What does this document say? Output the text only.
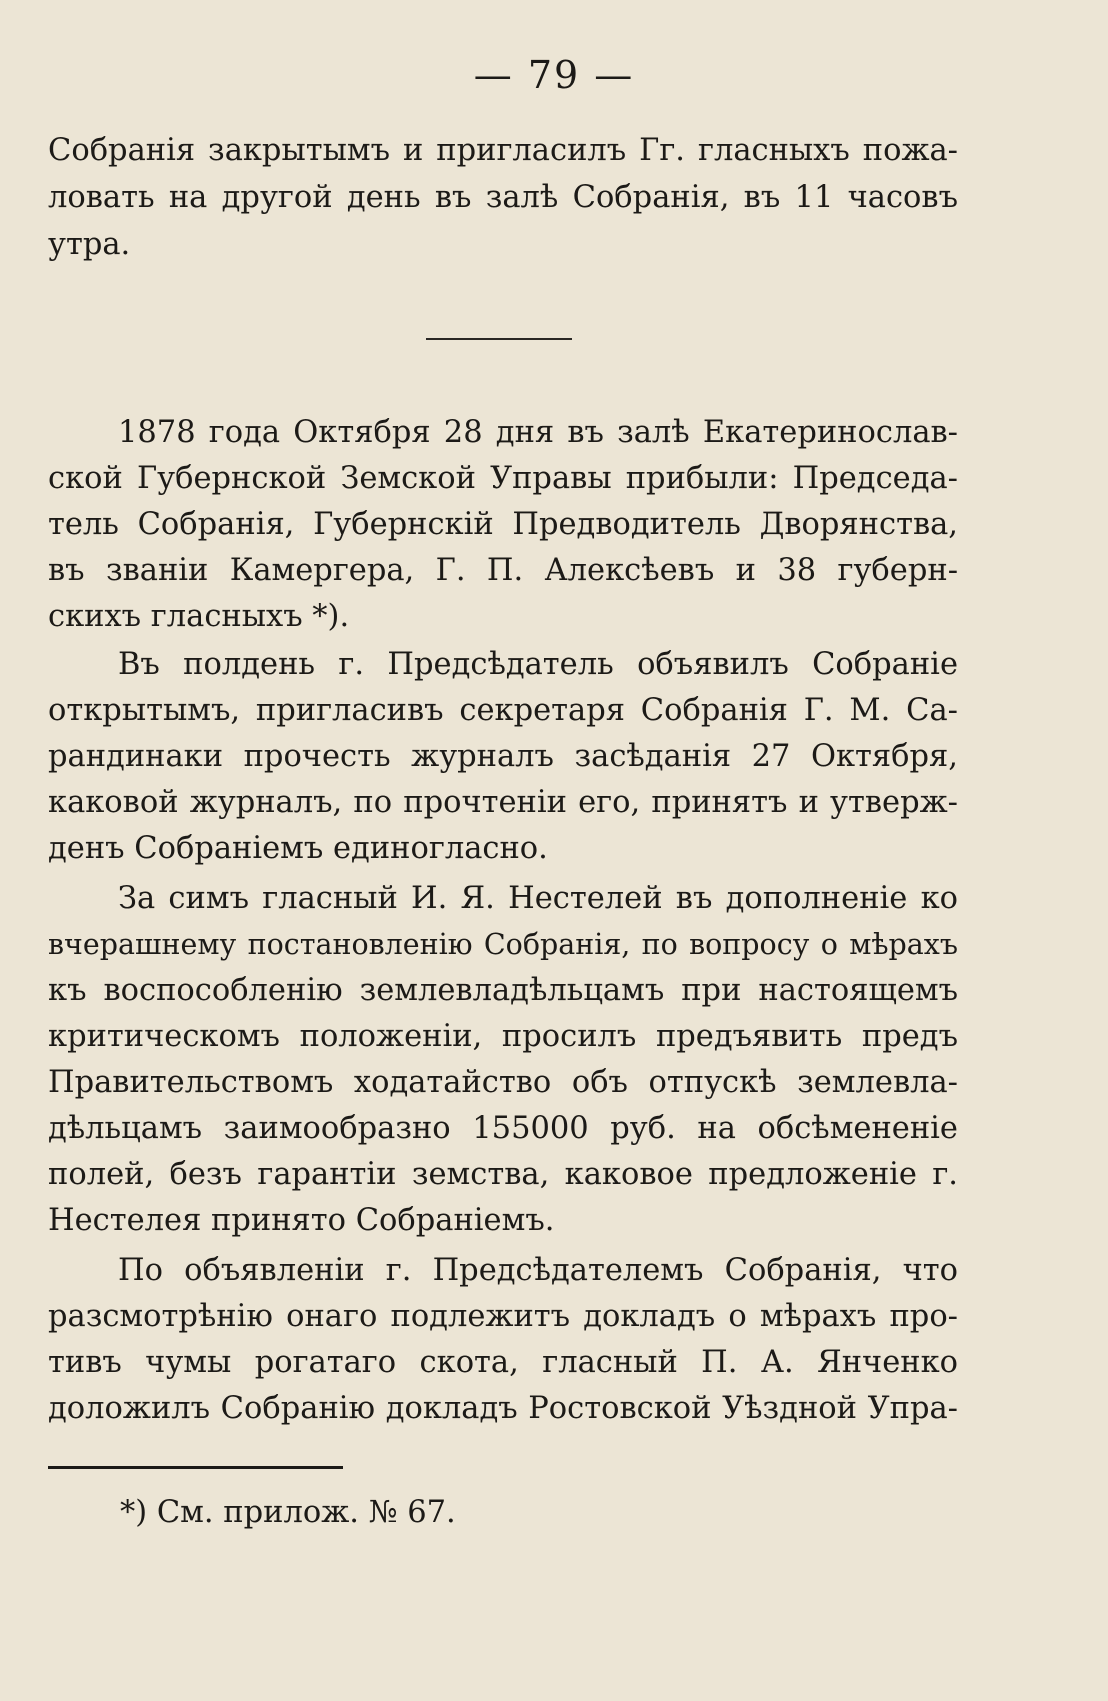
— 79 —
Собранія закрытымъ и пригласилъ Гг. гласныхъ пожа-
ловать на другой день въ залѣ Собранія, въ 11 часовъ
утра.
1878 года Октября 28 дня въ залѣ Екатеринослав-
ской Губернской Земской Управы прибыли: Председа-
тель Собранія, Губернскій Предводитель Дворянства,
въ званіи Камергера, Г. П. Алексѣевъ и 38 губерн-
скихъ гласныхъ *).
Въ полдень г. Предсѣдатель объявилъ Собраніе
открытымъ, пригласивъ секретаря Собранія Г. М. Са-
рандинаки прочесть журналъ засѣданія 27 Октября,
каковой журналъ, по прочтеніи его, принятъ и утверж-
денъ Собраніемъ единогласно.
За симъ гласный И. Я. Нестелей въ дополненіе ко
вчерашнему постановленію Собранія, по вопросу о мѣрахъ
къ воспособленію землевладѣльцамъ при настоящемъ
критическомъ положеніи, просилъ предъявить предъ
Правительствомъ ходатайство объ отпускѣ землевла-
дѣльцамъ заимообразно 155000 руб. на обсѣмененіе
полей, безъ гарантіи земства, каковое предложеніе г.
Нестелея принято Собраніемъ.
По объявленіи г. Предсѣдателемъ Собранія, что
разсмотрѣнію онаго подлежитъ докладъ о мѣрахъ про-
тивъ чумы рогатаго скота, гласный П. А. Янченко
доложилъ Собранію докладъ Ростовской Уѣздной Упра-
*) См. прилож. № 67.
